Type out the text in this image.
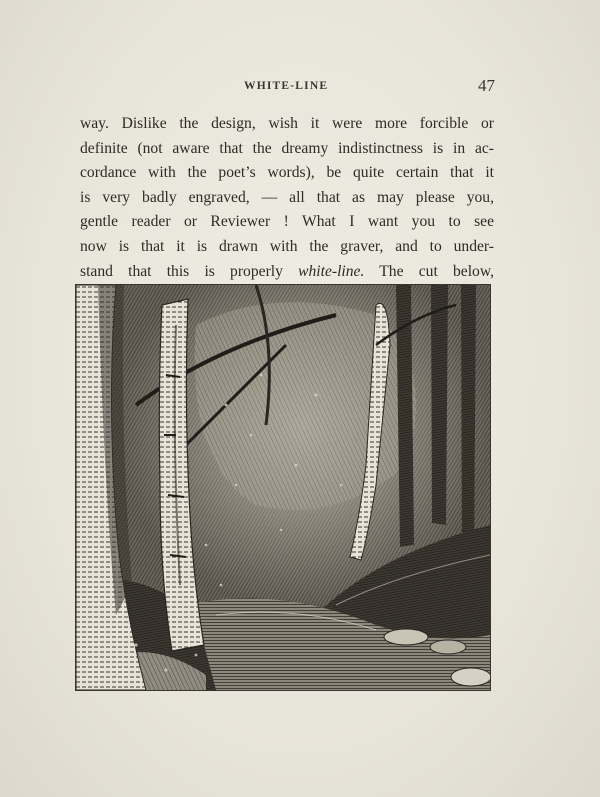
WHITE-LINE	47
way. Dislike the design, wish it were more forcible or
definite (not aware that the dreamy indistinctness is in ac-
cordance with the poet’s words), be quite certain that it
is very badly engraved, — all that as may please you,
gentle reader or Reviewer ! What I want you to see
now is that it is drawn with the graver, and to under-
stand that this is properly white-line. The cut below,
